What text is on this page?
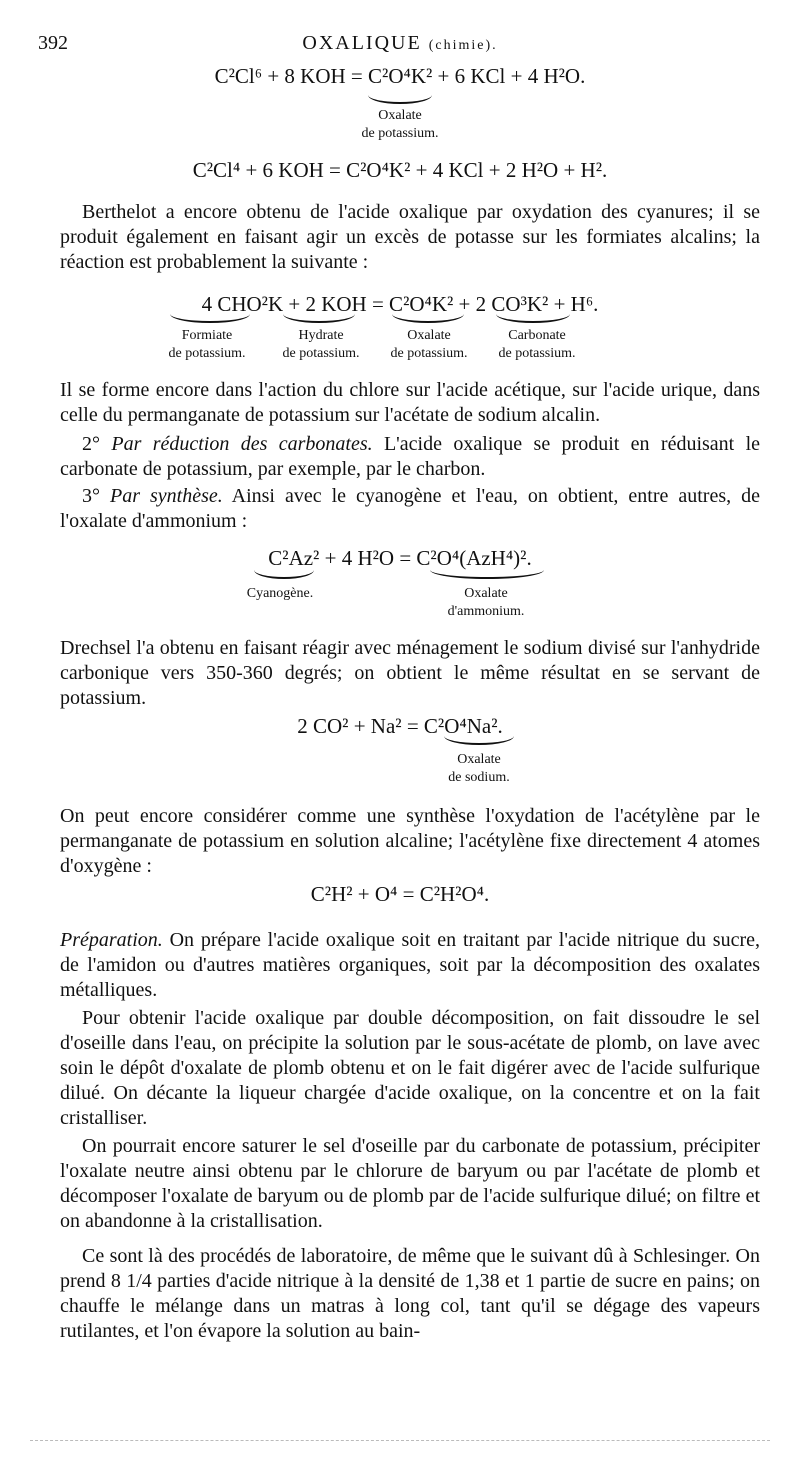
392	OXALIQUE (chimie).
C²Cl⁶ + 8 KOH = C²O⁴K² + 6 KCl + 4 H²O.
Oxalate
de potassium.
C²Cl⁴ + 6 KOH = C²O⁴K² + 4 KCl + 2 H²O + H².

Berthelot a encore obtenu de l'acide oxalique par oxydation des cyanures; il se produit également en faisant agir un excès de potasse sur les formiates alcalins; la réaction est probablement la suivante :

4 CHO²K + 2 KOH = C²O⁴K² + 2 CO³K² + H⁶.
Formiate
de potassium.
Hydrate
de potassium.
Oxalate
de potassium.
Carbonate
de potassium.

Il se forme encore dans l'action du chlore sur l'acide acétique, sur l'acide urique, dans celle du permanganate de potassium sur l'acétate de sodium alcalin.

2° Par réduction des carbonates. L'acide oxalique se produit en réduisant le carbonate de potassium, par exemple, par le charbon.

3° Par synthèse. Ainsi avec le cyanogène et l'eau, on obtient, entre autres, de l'oxalate d'ammonium :

C²Az² + 4 H²O = C²O⁴(AzH⁴)².
Cyanogène.	Oxalate
d'ammonium.

Drechsel l'a obtenu en faisant réagir avec ménagement le sodium divisé sur l'anhydride carbonique vers 350-360 degrés; on obtient le même résultat en se servant de potassium.

2 CO² + Na² = C²O⁴Na².
Oxalate
de sodium.

On peut encore considérer comme une synthèse l'oxydation de l'acétylène par le permanganate de potassium en solution alcaline; l'acétylène fixe directement 4 atomes d'oxygène :

C²H² + O⁴ = C²H²O⁴.

Préparation. On prépare l'acide oxalique soit en traitant par l'acide nitrique du sucre, de l'amidon ou d'autres matières organiques, soit par la décomposition des oxalates métalliques.

Pour obtenir l'acide oxalique par double décomposition, on fait dissoudre le sel d'oseille dans l'eau, on précipite la solution par le sous-acétate de plomb, on lave avec soin le dépôt d'oxalate de plomb obtenu et on le fait digérer avec de l'acide sulfurique dilué. On décante la liqueur chargée d'acide oxalique, on la concentre et on la fait cristalliser.

On pourrait encore saturer le sel d'oseille par du carbonate de potassium, précipiter l'oxalate neutre ainsi obtenu par le chlorure de baryum ou par l'acétate de plomb et décomposer l'oxalate de baryum ou de plomb par de l'acide sulfurique dilué; on filtre et on abandonne à la cristallisation.

Ce sont là des procédés de laboratoire, de même que le suivant dû à Schlesinger. On prend 8 1/4 parties d'acide nitrique à la densité de 1,38 et 1 partie de sucre en pains; on chauffe le mélange dans un matras à long col, tant qu'il se dégage des vapeurs rutilantes, et l'on évapore la solution au bain-
